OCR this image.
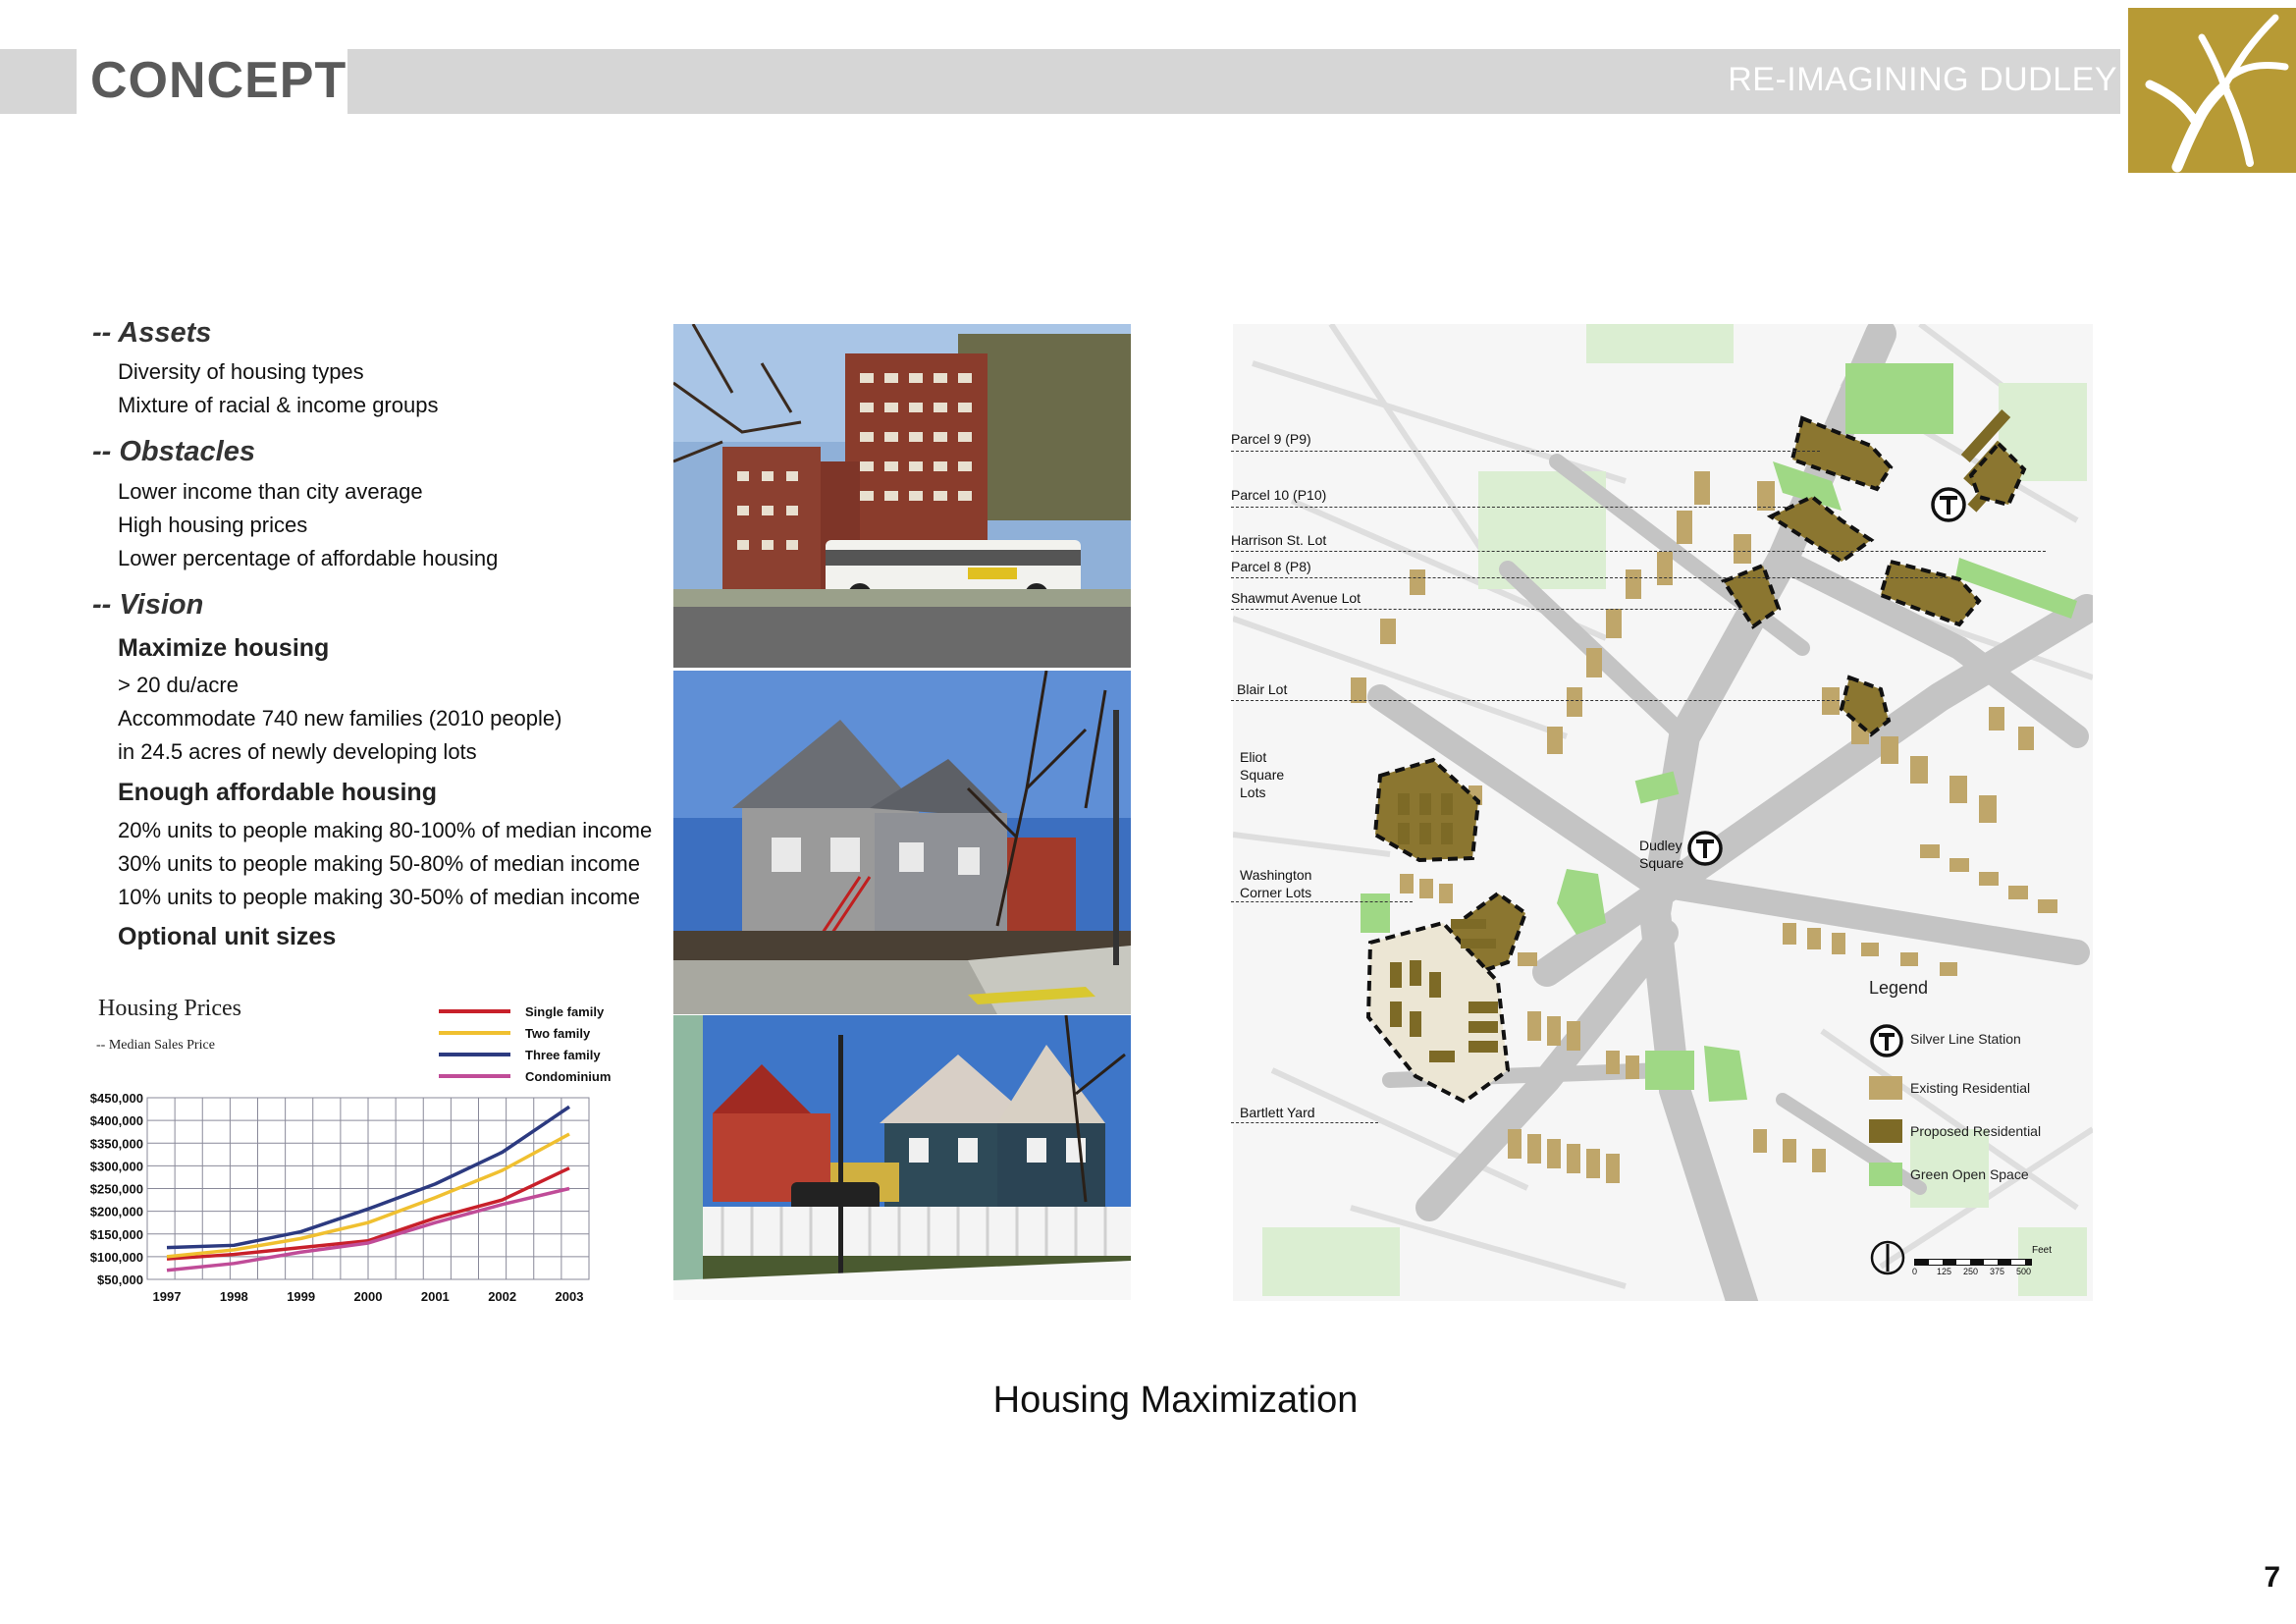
CONCEPT	RE-IMAGINING DUDLEY
-- Assets
Diversity of housing types
Mixture of racial & income groups
-- Obstacles
Lower income than city average
High housing prices
Lower percentage of affordable housing
-- Vision
Maximize housing
> 20 du/acre
Accommodate 740 new families (2010 people)
in 24.5 acres of newly developing lots
Enough affordable housing
20% units to people making 80-100% of median income
30% units to people making 50-80% of median income
10% units to people making 30-50% of median income
Optional unit sizes
Housing Prices
-- Median Sales Price
$450,000
$400,000
$350,000
$300,000
$250,000
$200,000
$150,000
$100,000
$50,000
1997	1998	1999	2000	2001	2002	2003
Single family
Two family
Three family
Condominium
Parcel 9 (P9)
Parcel 10 (P10)
Harrison St. Lot
Parcel 8 (P8)
Shawmut Avenue Lot
Blair Lot
Eliot
Square
Lots
Washington
Corner Lots
Bartlett Yard
Dudley
Square
Legend
Silver Line Station
Existing Residential
Proposed Residential
Green Open Space
Feet
0 125 250 375 500
Housing Maximization
7
